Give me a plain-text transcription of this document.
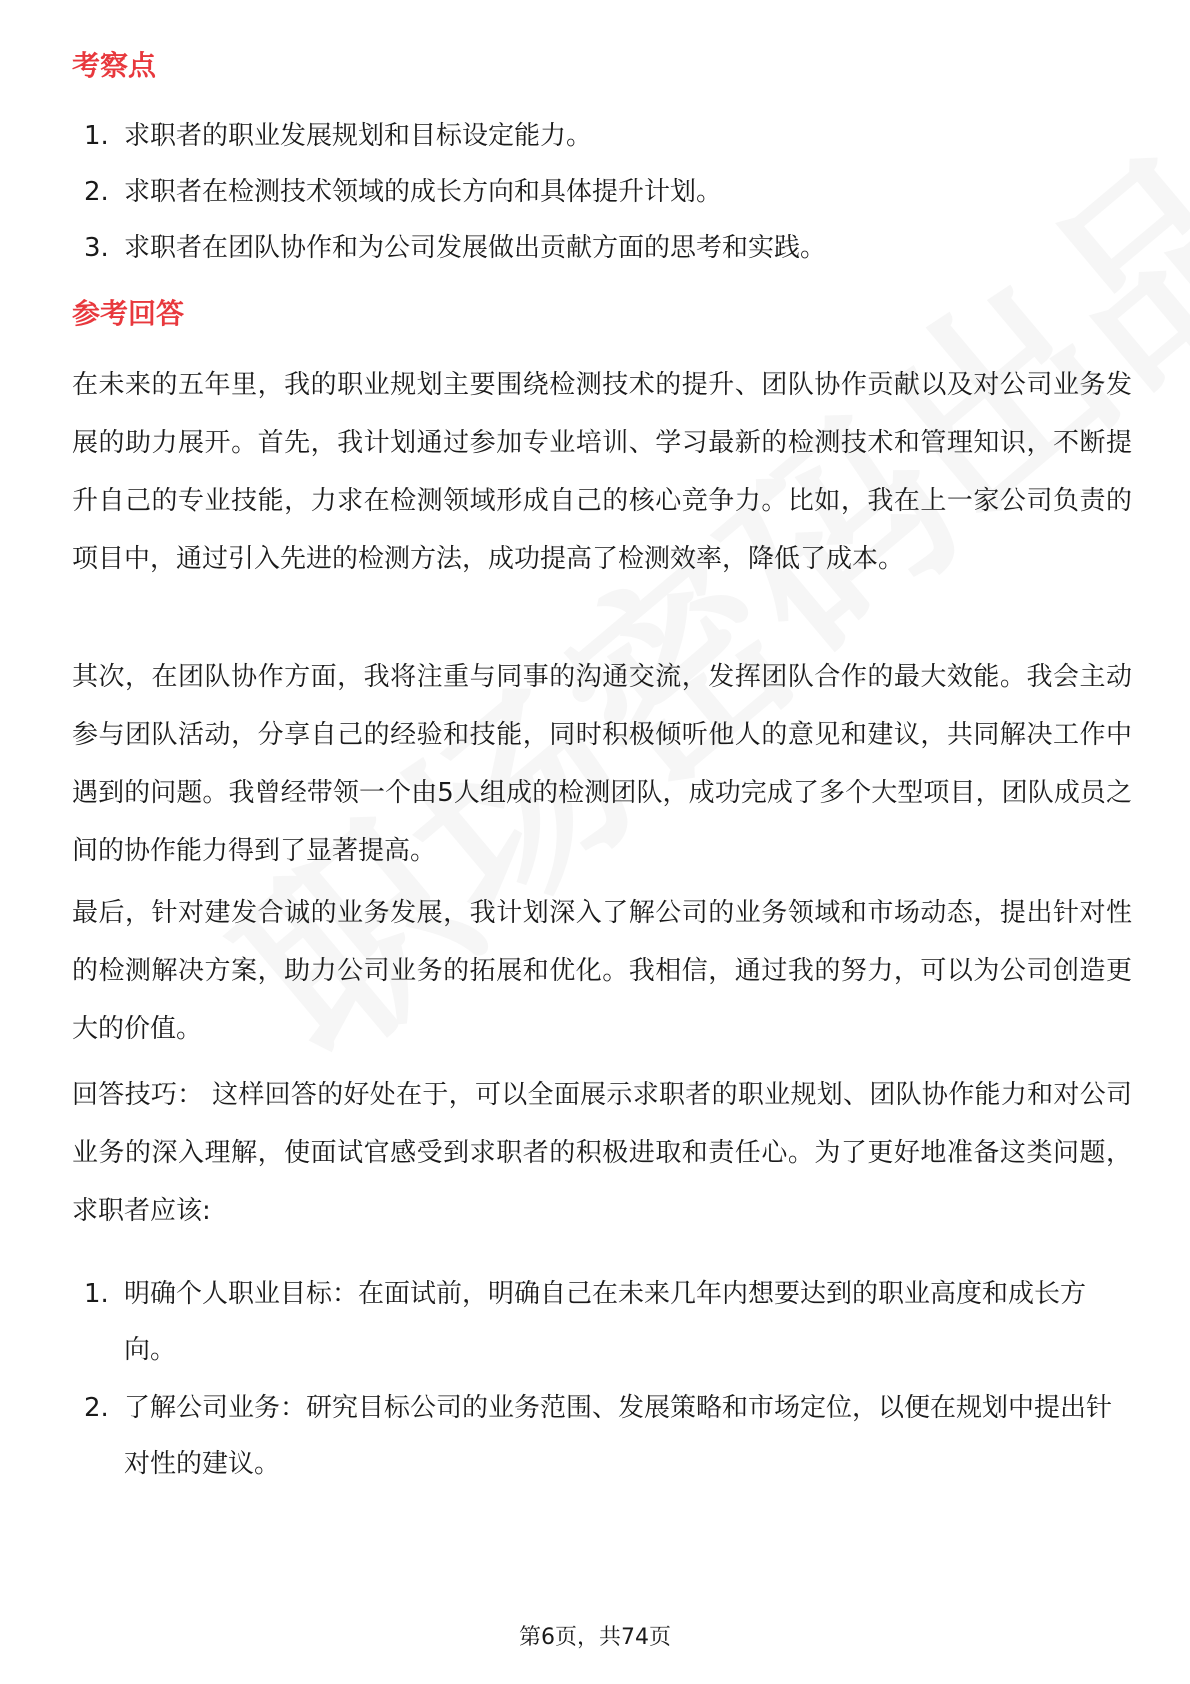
考察点
1. 求职者的职业发展规划和目标设定能力。
2. 求职者在检测技术领域的成长方向和具体提升计划。
3. 求职者在团队协作和为公司发展做出贡献方面的思考和实践。
参考回答

在未来的五年里，我的职业规划主要围绕检测技术的提升、团队协作贡献以及对公司业务发展的助力展开。首先，我计划通过参加专业培训、学习最新的检测技术和管理知识，不断提升自己的专业技能，力求在检测领域形成自己的核心竞争力。比如，我在上一家公司负责的项目中，通过引入先进的检测方法，成功提高了检测效率，降低了成本。

其次，在团队协作方面，我将注重与同事的沟通交流，发挥团队合作的最大效能。我会主动参与团队活动，分享自己的经验和技能，同时积极倾听他人的意见和建议，共同解决工作中遇到的问题。我曾经带领一个由5人组成的检测团队，成功完成了多个大型项目，团队成员之间的协作能力得到了显著提高。

最后，针对建发合诚的业务发展，我计划深入了解公司的业务领域和市场动态，提出针对性的检测解决方案，助力公司业务的拓展和优化。我相信，通过我的努力，可以为公司创造更大的价值。

回答技巧： 这样回答的好处在于，可以全面展示求职者的职业规划、团队协作能力和对公司业务的深入理解，使面试官感受到求职者的积极进取和责任心。为了更好地准备这类问题，求职者应该:

1. 明确个人职业目标：在面试前，明确自己在未来几年内想要达到的职业高度和成长方向。
2. 了解公司业务：研究目标公司的业务范围、发展策略和市场定位，以便在规划中提出针对性的建议。
第6页，共74页
